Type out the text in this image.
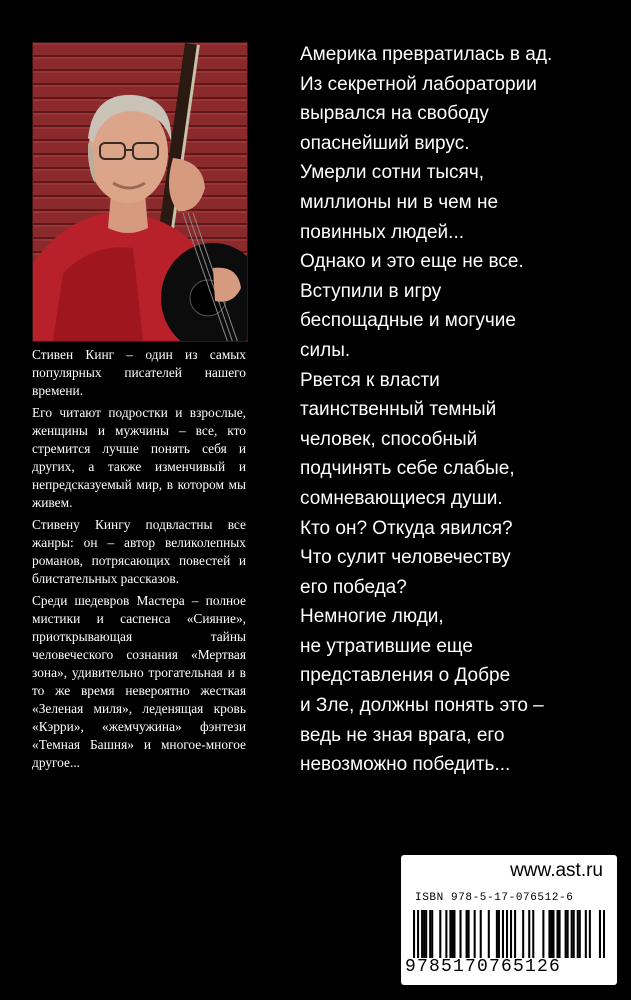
Стивен Кинг – один из самых популярных писателей нашего времени.

Его читают подростки и взрослые, женщины и мужчины – все, кто стремится лучше понять себя и других, а также изменчивый и непредсказуемый мир, в котором мы живем.

Стивену Кингу подвластны все жанры: он – автор великолепных романов, потрясающих повестей и блистательных рассказов.

Среди шедевров Мастера – полное мистики и саспенса «Сияние», приоткрывающая тайны человеческого сознания «Мертвая зона», удивительно трогательная и в то же время невероятно жесткая «Зеленая миля», леденящая кровь «Кэрри», «жемчужина» фэнтези «Темная Башня» и многое-многое другое...

Америка превратилась в ад.
Из секретной лаборатории
вырвался на свободу
опаснейший вирус.
Умерли сотни тысяч,
миллионы ни в чем не
повинных людей...
Однако и это еще не все.
Вступили в игру
беспощадные и могучие
силы.
Рвется к власти
таинственный темный
человек, способный
подчинять себе слабые,
сомневающиеся души.
Кто он? Откуда явился?
Что сулит человечеству
его победа?
Немногие люди,
не утратившие еще
представления о Добре
и Зле, должны понять это –
ведь не зная врага, его
невозможно победить...

www.ast.ru

ISBN 978-5-17-076512-6
9785170765126
